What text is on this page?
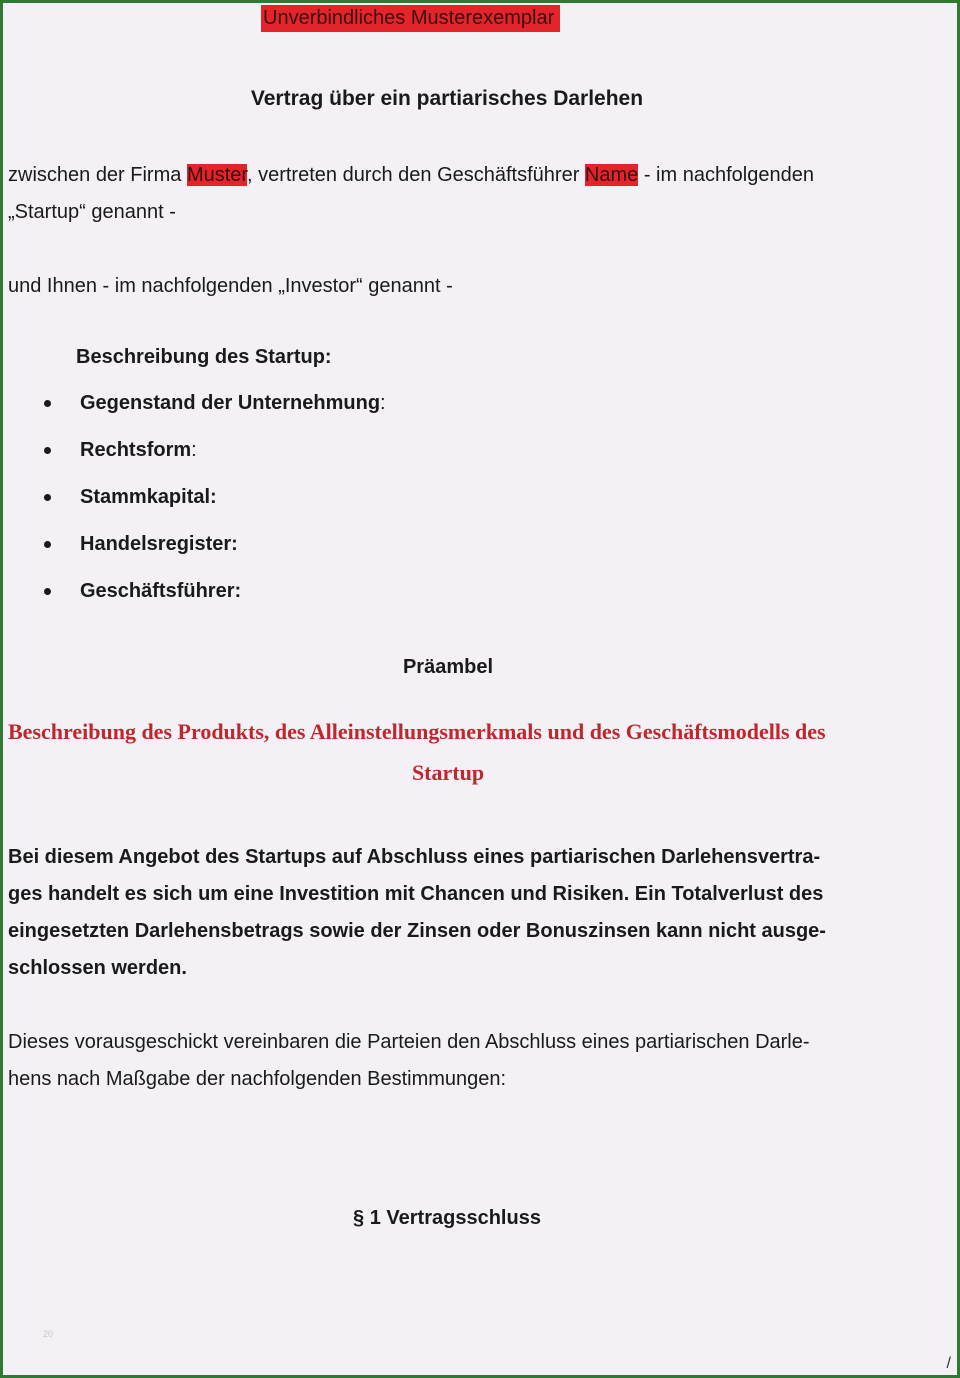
Unverbindliches Musterexemplar
Vertrag über ein partiarisches Darlehen
zwischen der Firma Muster, vertreten durch den Geschäftsführer Name - im nachfolgenden
„Startup“ genannt -
und Ihnen - im nachfolgenden „Investor“ genannt -
Beschreibung des Startup:
Gegenstand der Unternehmung :
Rechtsform :
Stammkapital:
Handelsregister:
Geschäftsführer:
Präambel
Beschreibung des Produkts, des Alleinstellungsmerkmals und des Geschäftsmodells des
Startup
Bei diesem Angebot des Startups auf Abschluss eines partiarischen Darlehensvertra-
ges handelt es sich um eine Investition mit Chancen und Risiken. Ein Totalverlust des
eingesetzten Darlehensbetrags sowie der Zinsen oder Bonuszinsen kann nicht ausge-
schlossen werden.
Dieses vorausgeschickt vereinbaren die Parteien den Abschluss eines partiarischen Darle-
hens nach Maßgabe der nachfolgenden Bestimmungen:
§ 1 Vertragsschluss
20
/
